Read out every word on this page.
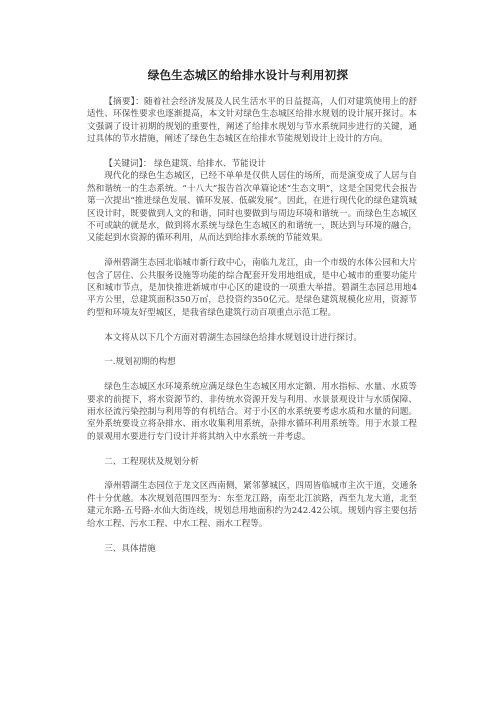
绿色生态城区的给排水设计与利用初探

【摘要】：随着社会经济发展及人民生活水平的日益提高，人们对建筑使用上的舒适性、环保性要求也逐渐提高，本文针对绿色生态城区给排水规划的设计展开探讨。本文强调了设计初期的规划的重要性，阐述了给排水规划与节水系统同步进行的关键，通过具体的节水措施，阐述了绿色生态城区在给排水节能规划设计上设计的方向。

【关键词】： 绿色建筑、给排水、节能设计

现代化的绿色生态城区，已经不单单是仅供人居住的场所，而是演变成了人居与自然和谐统一的生态系统。“十八大”报告首次单篇论述“生态文明”，这是全国党代会报告第一次提出“推进绿色发展、循环发展、低碳发展”。因此，在进行现代化的绿色建筑城区设计时，既要做到人文的和谐，同时也要做到与周边环境和谐统一。而绿色生态城区不可或缺的就是水，做到将水系统与绿色生态城区的和谐统一，既达到与环境的融合，又能起到水资源的循环利用，从而达到给排水系统的节能效果。

漳州碧湖生态园北临城市新行政中心，南临九龙江，由一个市级的水体公园和大片包含了居住、公共服务设施等功能的综合配套开发用地组成，是中心城市的重要功能片区和城市节点，是加快推进新城市中心区的建设的一项重大举措。碧湖生态园总用地4平方公里，总建筑面积350万㎡，总投资约350亿元。是绿色建筑规模化应用，资源节约型和环境友好型城区，是我省绿色建筑行动百项重点示范工程。

本文将从以下几个方面对碧湖生态园绿色给排水规划设计进行探讨。

一.规划初期的构想

绿色生态城区水环境系统应满足绿色生态城区用水定额、用水指标、水量、水质等要求的前提下，将水资源节约、非传统水资源开发与利用、水景景观设计与水质保障、雨水径流污染控制与利用等的有机结合。对于小区的水系统要考虑水质和水量的问题。室外系统要设立将杂排水、雨水收集利用系统，杂排水循环利用系统等。用于水景工程的景观用水要进行专门设计并将其纳入中水系统一并考虑。

二、工程现状及规划分析

漳州碧湖生态园位于龙文区西南侧，紧邻蓼城区，四周皆临城市主次干道，交通条件十分优越。本次规划范围四至为：东至龙江路，南至北江滨路，西至九龙大道，北至建元东路-五号路-水仙大街连线，规划总用地面积约为242.42公顷。规划内容主要包括给水工程、污水工程、中水工程、雨水工程等。

三、具体措施
